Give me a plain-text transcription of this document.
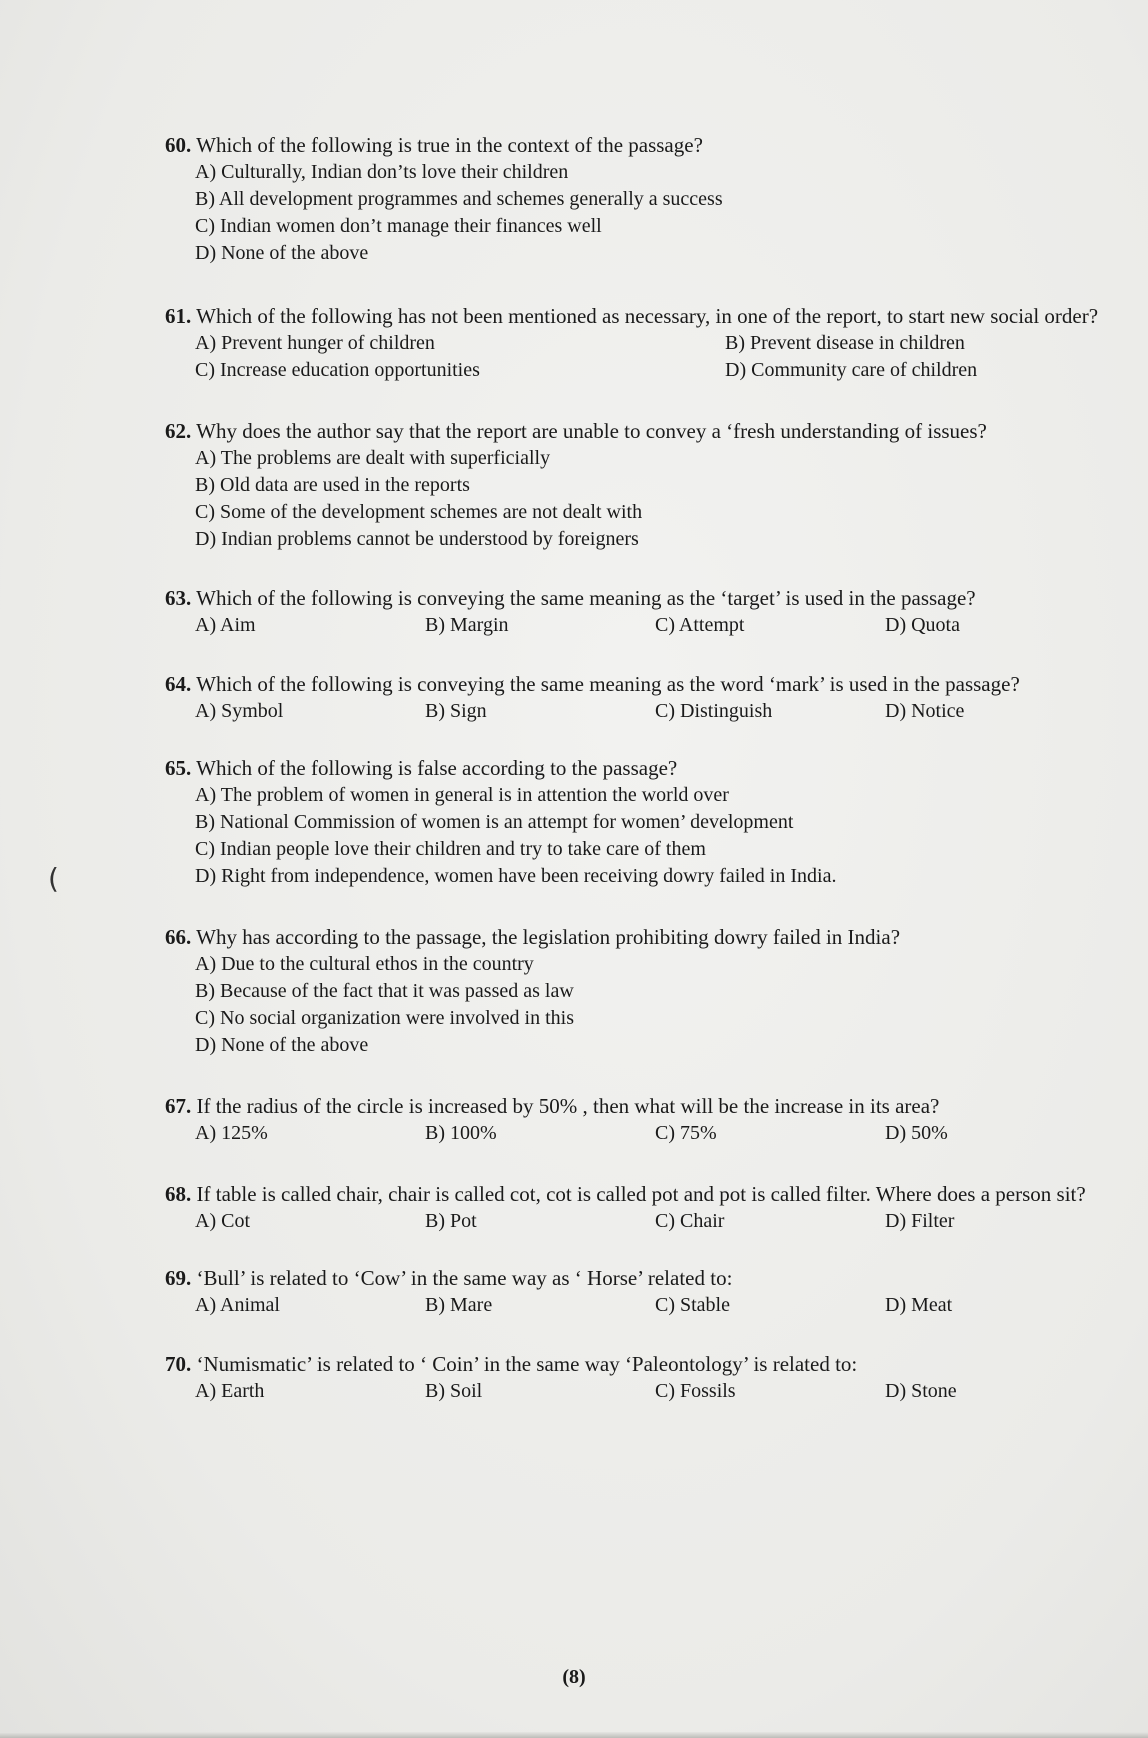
(
60. Which of the following is true in the context of the passage?
A) Culturally, Indian don’ts love their children
B) All development programmes and schemes generally a success
C) Indian women don’t manage their finances well
D) None of the above
61. Which of the following has not been mentioned as necessary, in one of the report, to start new social order?
A) Prevent hunger of children	B) Prevent disease in children
C) Increase education opportunities	D) Community care of children
62. Why does the author say that the report are unable to convey a ‘fresh understanding of issues?
A) The problems are dealt with superficially
B) Old data are used in the reports
C) Some of the development schemes are not dealt with
D) Indian problems cannot be understood by foreigners
63. Which of the following is conveying the same meaning as the ‘target’ is used in the passage?
A) Aim	B) Margin	C) Attempt	D) Quota
64. Which of the following is conveying the same meaning as the word ‘mark’ is used in the passage?
A) Symbol	B) Sign	C) Distinguish	D) Notice
65. Which of the following is false according to the passage?
A) The problem of women in general is in attention the world over
B) National Commission of women is an attempt for women’ development
C) Indian people love their children and try to take care of them
D) Right from independence, women have been receiving dowry failed in India.
66. Why has according to the passage, the legislation prohibiting dowry failed in India?
A) Due to the cultural ethos in the country
B) Because of the fact that it was passed as law
C) No social organization were involved in this
D) None of the above
67. If the radius of the circle is increased by 50% , then what will be the increase in its area?
A) 125%	B) 100%	C) 75%	D) 50%
68. If table is called chair, chair is called cot, cot is called pot and pot is called filter. Where does a person sit?
A) Cot	B) Pot	C) Chair	D) Filter
69. ‘Bull’ is related to ‘Cow’ in the same way as ‘ Horse’ related to:
A) Animal	B) Mare	C) Stable	D) Meat
70. ‘Numismatic’ is related to ‘ Coin’ in the same way ‘Paleontology’ is related to:
A) Earth	B) Soil	C) Fossils	D) Stone
(8)
